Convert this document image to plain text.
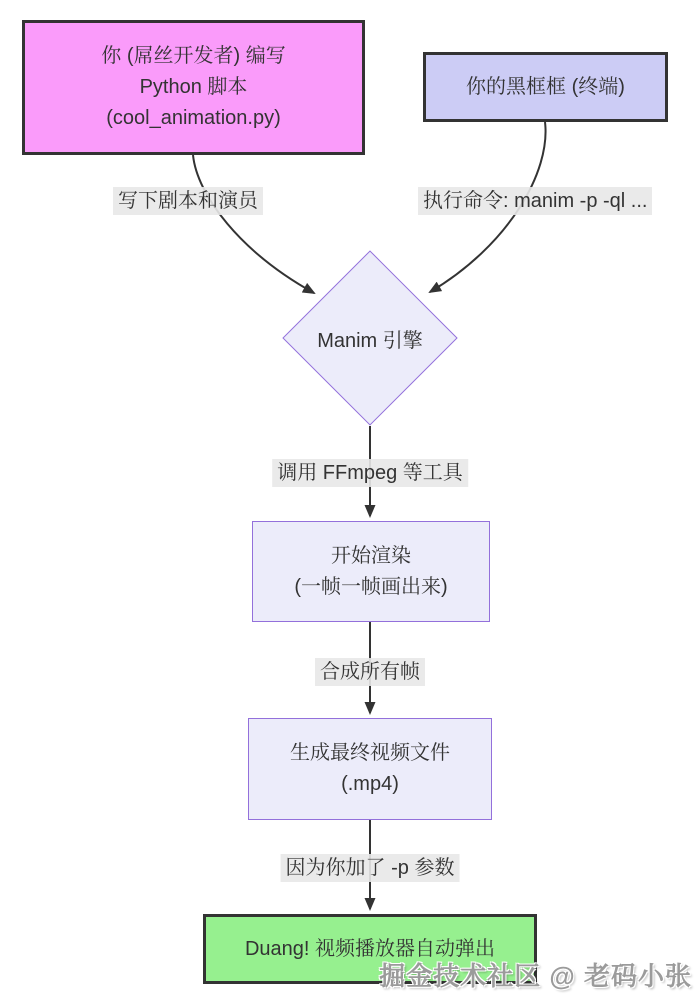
你 (屌丝开发者) 编写
Python 脚本
(cool_animation.py)
你的黑框框 (终端)
Manim 引擎
开始渲染
(一帧一帧画出来)
生成最终视频文件
(.mp4)
Duang! 视频播放器自动弹出
写下剧本和演员	执行命令: manim -p -ql ...
调用 FFmpeg 等工具
合成所有帧
因为你加了 -p 参数
掘金技术社区 @ 老码小张
